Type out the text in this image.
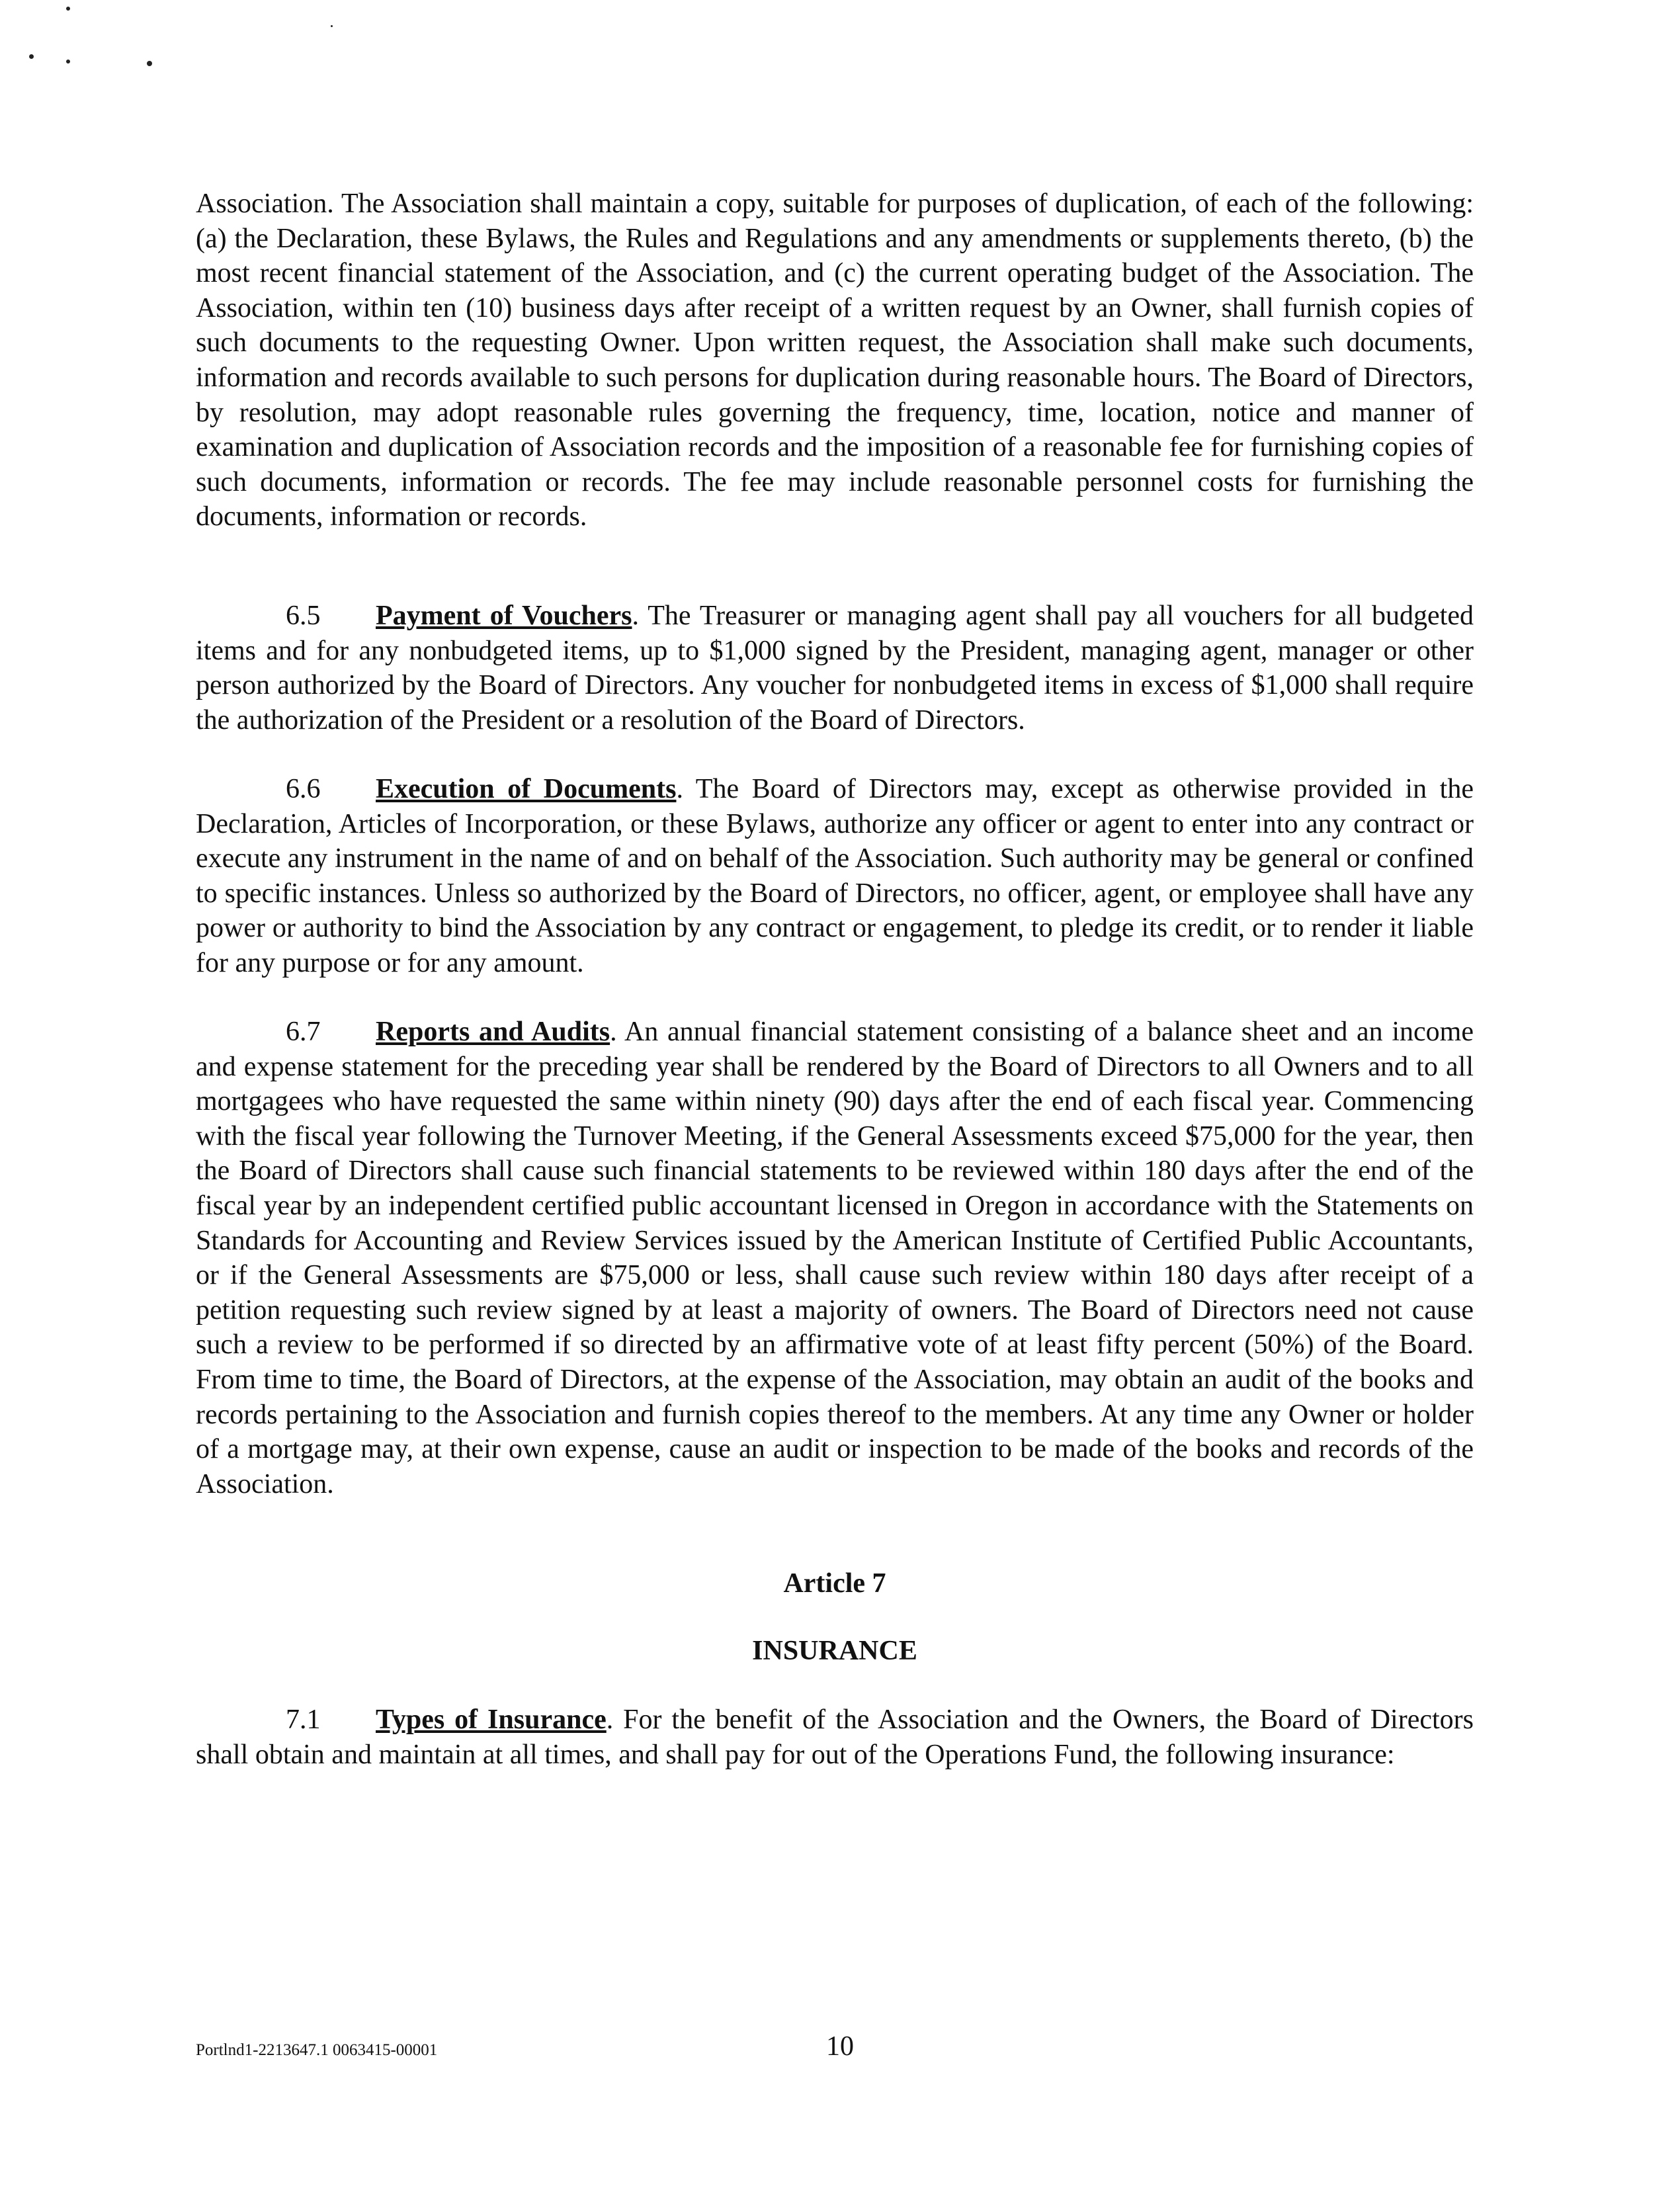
Association. The Association shall maintain a copy, suitable for purposes of duplication, of each of the following: (a) the Declaration, these Bylaws, the Rules and Regulations and any amendments or supplements thereto, (b) the most recent financial statement of the Association, and (c) the current operating budget of the Association. The Association, within ten (10) business days after receipt of a written request by an Owner, shall furnish copies of such documents to the requesting Owner. Upon written request, the Association shall make such documents, information and records available to such persons for duplication during reasonable hours. The Board of Directors, by resolution, may adopt reasonable rules governing the frequency, time, location, notice and manner of examination and duplication of Association records and the imposition of a reasonable fee for furnishing copies of such documents, information or records. The fee may include reasonable personnel costs for furnishing the documents, information or records.

6.5 Payment of Vouchers. The Treasurer or managing agent shall pay all vouchers for all budgeted items and for any nonbudgeted items, up to $1,000 signed by the President, managing agent, manager or other person authorized by the Board of Directors. Any voucher for nonbudgeted items in excess of $1,000 shall require the authorization of the President or a resolution of the Board of Directors.

6.6 Execution of Documents. The Board of Directors may, except as otherwise provided in the Declaration, Articles of Incorporation, or these Bylaws, authorize any officer or agent to enter into any contract or execute any instrument in the name of and on behalf of the Association. Such authority may be general or confined to specific instances. Unless so authorized by the Board of Directors, no officer, agent, or employee shall have any power or authority to bind the Association by any contract or engagement, to pledge its credit, or to render it liable for any purpose or for any amount.

6.7 Reports and Audits. An annual financial statement consisting of a balance sheet and an income and expense statement for the preceding year shall be rendered by the Board of Directors to all Owners and to all mortgagees who have requested the same within ninety (90) days after the end of each fiscal year. Commencing with the fiscal year following the Turnover Meeting, if the General Assessments exceed $75,000 for the year, then the Board of Directors shall cause such financial statements to be reviewed within 180 days after the end of the fiscal year by an independent certified public accountant licensed in Oregon in accordance with the Statements on Standards for Accounting and Review Services issued by the American Institute of Certified Public Accountants, or if the General Assessments are $75,000 or less, shall cause such review within 180 days after receipt of a petition requesting such review signed by at least a majority of owners. The Board of Directors need not cause such a review to be performed if so directed by an affirmative vote of at least fifty percent (50%) of the Board. From time to time, the Board of Directors, at the expense of the Association, may obtain an audit of the books and records pertaining to the Association and furnish copies thereof to the members. At any time any Owner or holder of a mortgage may, at their own expense, cause an audit or inspection to be made of the books and records of the Association.

Article 7
INSURANCE

7.1 Types of Insurance. For the benefit of the Association and the Owners, the Board of Directors shall obtain and maintain at all times, and shall pay for out of the Operations Fund, the following insurance:

Portlnd1-2213647.1 0063415-00001	10
